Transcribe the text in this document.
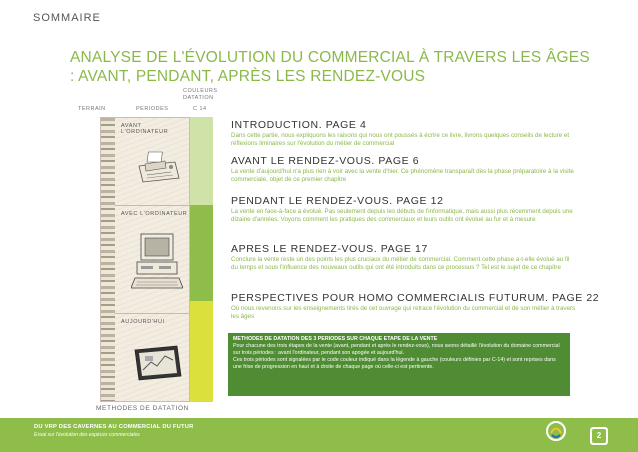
SOMMAIRE
ANALYSE DE L'ÉVOLUTION DU COMMERCIAL À TRAVERS LES ÂGES : AVANT, PENDANT, APRÈS LES RENDEZ-VOUS
TERRAIN	PERIODES
COULEURS DATATION
C 14
AVANT L'ORDINATEUR
AVEC L'ORDINATEUR
AUJOURD'HUI
METHODES DE DATATION
INTRODUCTION. PAGE 4
Dans cette partie, nous expliquons les raisons qui nous ont poussés à écrire ce livre, livrons quelques conseils de lecture et réflexions liminaires sur l'évolution du métier de commercial
AVANT LE RENDEZ-VOUS. PAGE 6
La vente d'aujourd'hui n'a plus rien à voir avec la vente d'hier. Ce phénomène transparaît dès la phase préparatoire à la visite commerciale, objet de ce premier chapitre
PENDANT LE RENDEZ-VOUS. PAGE 12
La vente en face-à-face a évolué. Pas seulement depuis les débuts de l'informatique, mais aussi plus récemment depuis une dizaine d'années. Voyons comment les pratiques des commerciaux et leurs outils ont évolué au fur et à mesure
APRES LE RENDEZ-VOUS. PAGE 17
Conclure la vente reste un des points les plus cruciaux du métier de commercial. Comment cette phase a-t-elle évolué au fil du temps et sous l'influence des nouveaux outils qui ont été introduits dans ce processus ? Tel est le sujet de ce chapitre
PERSPECTIVES POUR HOMO COMMERCIALIS FUTURUM. PAGE 22
Où nous revenons sur les enseignements tirés de cet ouvrage qui retrace l'évolution du commercial et de son métier à travers les âges

METHODES DE DATATION DES 3 PERIODES SUR CHAQUE ETAPE DE LA VENTE

Pour chacune des trois étapes de la vente (avant, pendant et après le rendez-vous), nous avons détaillé l'évolution du domaine commercial sur trois périodes : avant l'ordinateur, pendant son apogée et aujourd'hui.

Ces trois périodes sont signalées par le code couleur indiqué dans la légende à gauche (couleurs définies par C-14) et sont reprises dans une frise de progression en haut et à droite de chaque page où celle-ci est pertinente.

DU VRP DES CAVERNES AU COMMERCIAL DU FUTUR
Essai sur l'évolution des espèces commerciales	2
